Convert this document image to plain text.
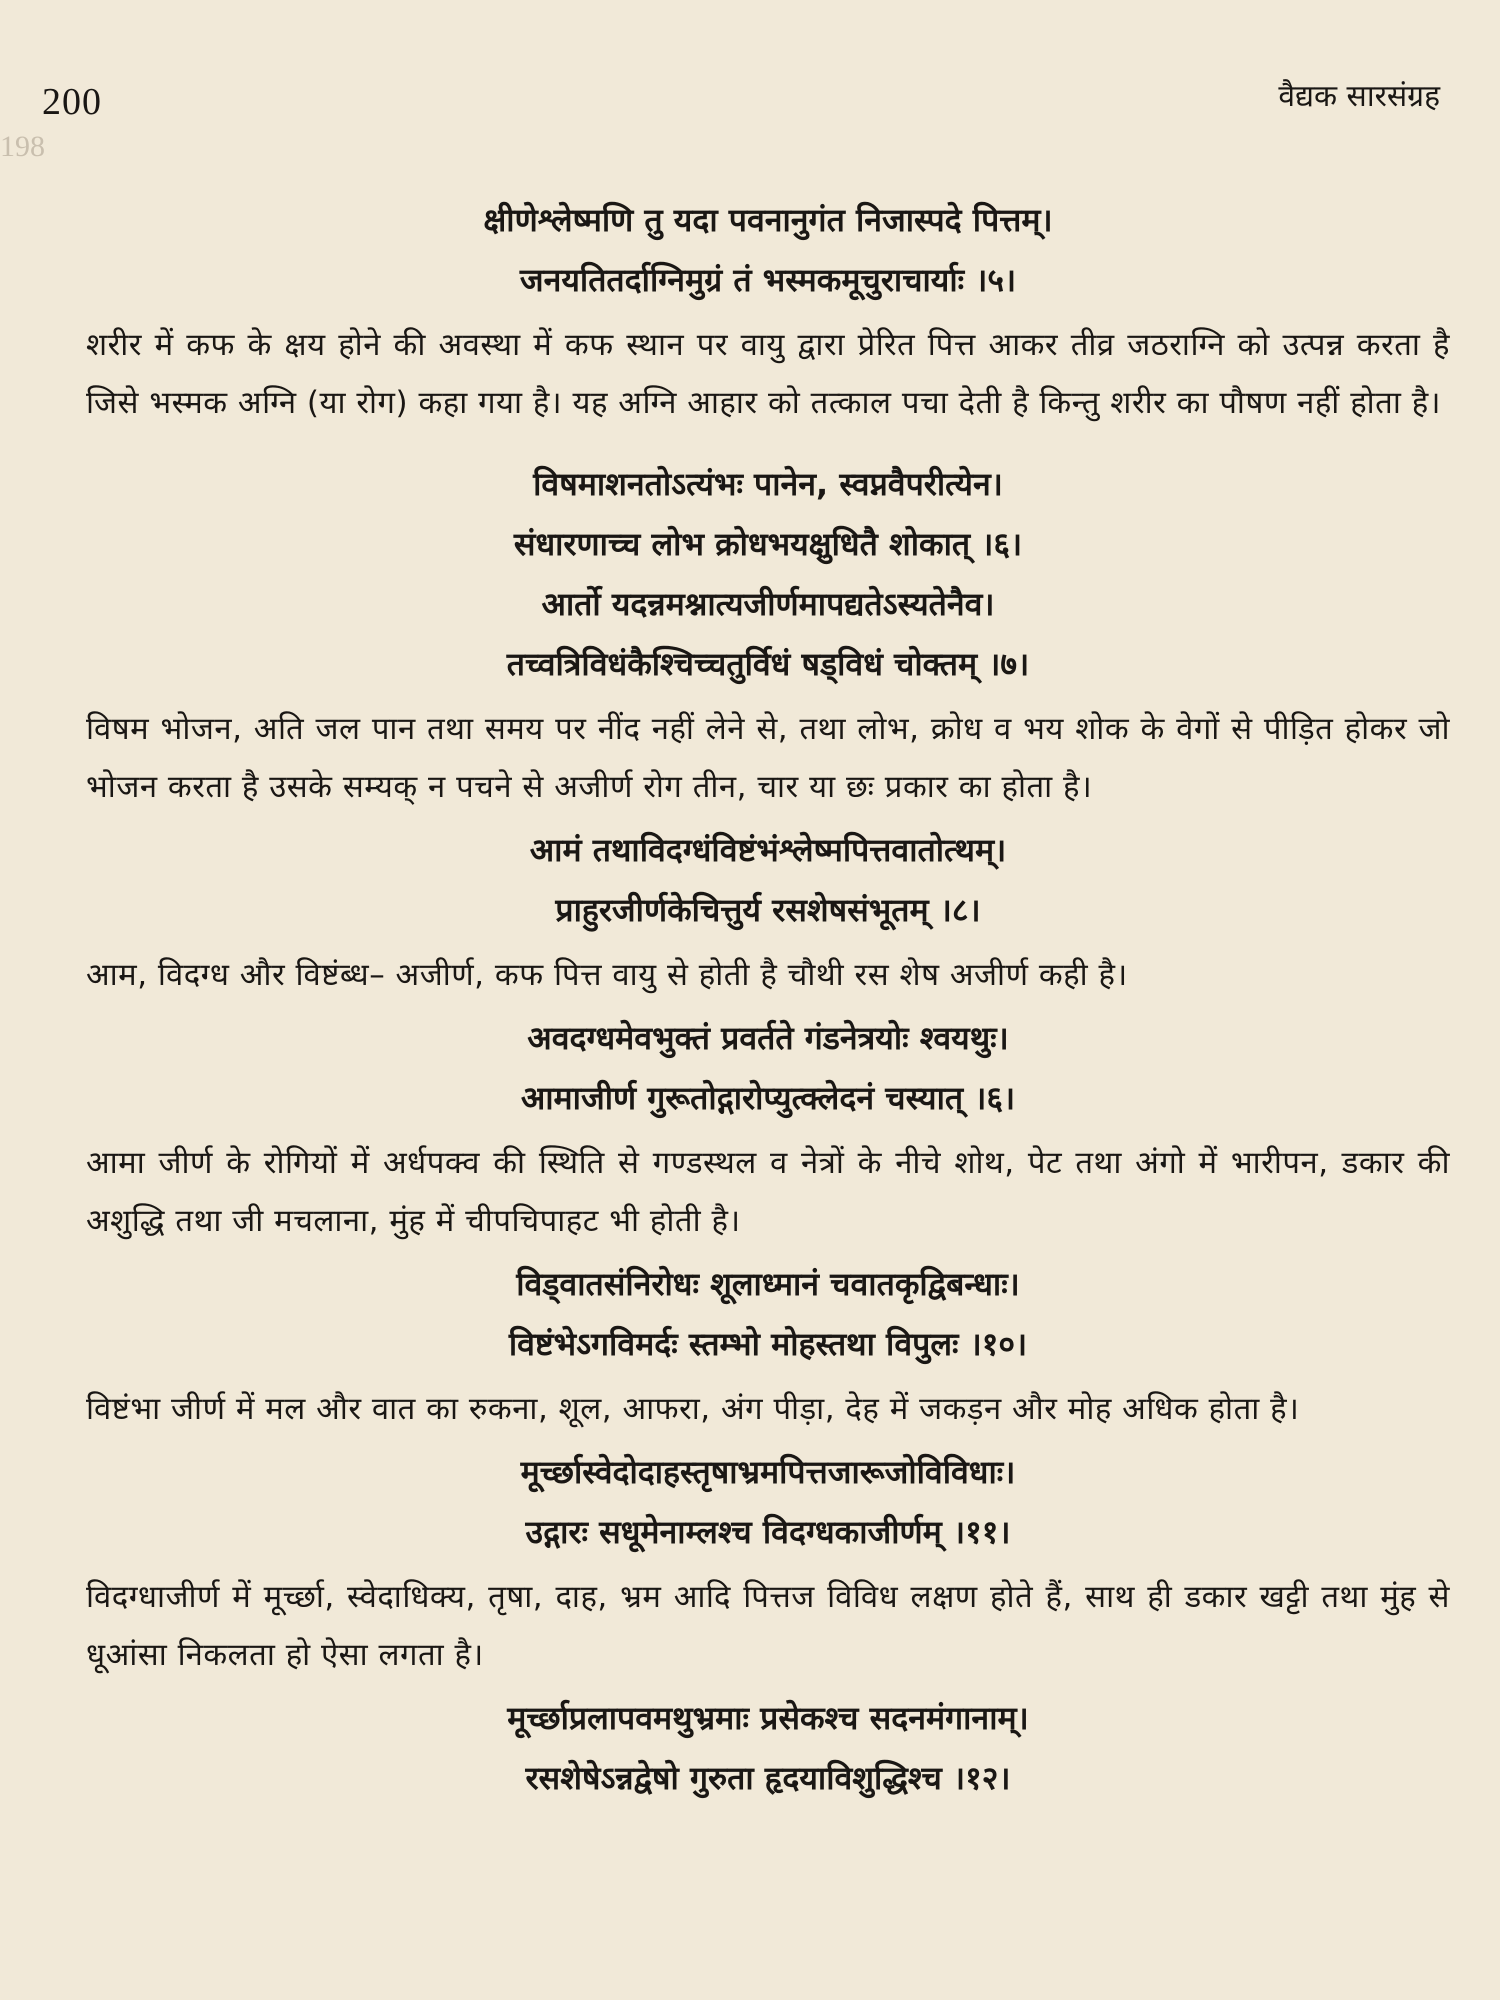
200
198
वैद्यक सारसंग्रह
क्षीणेश्लेष्मणि तु यदा पवनानुगंत निजास्पदे पित्तम्।
जनयतितर्दाग्निमुग्रं तं भस्मकमूचुराचार्याः ।५।
शरीर में कफ के क्षय होने की अवस्था में कफ स्थान पर वायु द्वारा प्रेरित पित्त आकर तीव्र जठराग्नि को उत्पन्न करता है जिसे भस्मक अग्नि (या रोग) कहा गया है। यह अग्नि आहार को तत्काल पचा देती है किन्तु शरीर का पौषण नहीं होता है।
विषमाशनतोऽत्यंभः पानेन, स्वप्नवैपरीत्येन।
संधारणाच्च लोभ क्रोधभयक्षुधितै शोकात् ।६।
आर्तो यदन्नमश्नात्यजीर्णमापद्यतेऽस्यतेनैव।
तच्वत्रिविधंकैश्चिच्चतुर्विधं षड्विधं चोक्तम् ।७।
विषम भोजन, अति जल पान तथा समय पर नींद नहीं लेने से, तथा लोभ, क्रोध व भय शोक के वेगों से पीड़ित होकर जो भोजन करता है उसके सम्यक् न पचने से अजीर्ण रोग तीन, चार या छः प्रकार का होता है।
आमं तथाविदग्धंविष्टंभंश्लेष्मपित्तवातोत्थम्।
प्राहुरजीर्णकेचित्तुर्य रसशेषसंभूतम् ।८।
आम, विदग्ध और विष्टंब्ध– अजीर्ण, कफ पित्त वायु से होती है चौथी रस शेष अजीर्ण कही है।
अवदग्धमेवभुक्तं प्रवर्तते गंडनेत्रयोः श्वयथुः।
आमाजीर्ण गुरूतोद्गारोप्युत्क्लेदनं चस्यात् ।६।
आमा जीर्ण के रोगियों में अर्धपक्व की स्थिति से गण्डस्थल व नेत्रों के नीचे शोथ, पेट तथा अंगो में भारीपन, डकार की अशुद्धि तथा जी मचलाना, मुंह में चीपचिपाहट भी होती है।
विड्वातसंनिरोधः शूलाध्मानं चवातकृद्विबन्धाः।
विष्टंभेऽगविमर्दः स्तम्भो मोहस्तथा विपुलः ।१०।
विष्टंभा जीर्ण में मल और वात का रुकना, शूल, आफरा, अंग पीड़ा, देह में जकड़न और मोह अधिक होता है।
मूर्च्छास्वेदोदाहस्तृषाभ्रमपित्तजारूजोविविधाः।
उद्गारः सधूमेनाम्लश्च विदग्धकाजीर्णम् ।११।
विदग्धाजीर्ण में मूर्च्छा, स्वेदाधिक्य, तृषा, दाह, भ्रम आदि पित्तज विविध लक्षण होते हैं, साथ ही डकार खट्टी तथा मुंह से धूआंसा निकलता हो ऐसा लगता है।
मूर्च्छाप्रलापवमथुभ्रमाः प्रसेकश्च सदनमंगानाम्।
रसशेषेऽन्नद्वेषो गुरुता हृदयाविशुद्धिश्च ।१२।
